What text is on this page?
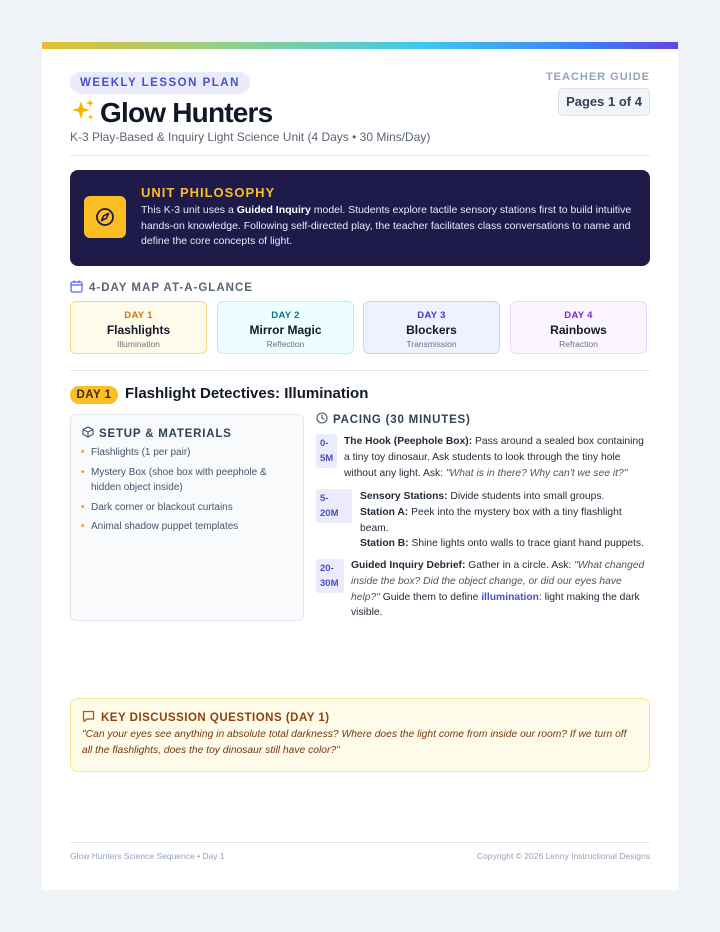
WEEKLY LESSON PLAN
Glow Hunters
K-3 Play-Based & Inquiry Light Science Unit (4 Days • 30 Mins/Day)
TEACHER GUIDE
Pages 1 of 4
UNIT PHILOSOPHY
This K-3 unit uses a Guided Inquiry model. Students explore tactile sensory stations first to build intuitive hands-on knowledge. Following self-directed play, the teacher facilitates class conversations to name and define the core concepts of light.
4-DAY MAP AT-A-GLANCE
DAY 1
Flashlights
Illumination
DAY 2
Mirror Magic
Reflection
DAY 3
Blockers
Transmission
DAY 4
Rainbows
Refraction
DAY 1 Flashlight Detectives: Illumination
SETUP & MATERIALS
• Flashlights (1 per pair)
• Mystery Box (shoe box with peephole & hidden object inside)
• Dark corner or blackout curtains
• Animal shadow puppet templates
PACING (30 MINUTES)
0-
5M
The Hook (Peephole Box): Pass around a sealed box containing a tiny toy dinosaur. Ask students to look through the tiny hole without any light. Ask: "What is in there? Why can't we see it?"
5-
20M
Sensory Stations: Divide students into small groups.
Station A: Peek into the mystery box with a tiny flashlight beam.
Station B: Shine lights onto walls to trace giant hand puppets.
20-
30M
Guided Inquiry Debrief: Gather in a circle. Ask: "What changed inside the box? Did the object change, or did our eyes have help?" Guide them to define illumination: light making the dark visible.
KEY DISCUSSION QUESTIONS (DAY 1)
"Can your eyes see anything in absolute total darkness? Where does the light come from inside our room? If we turn off all the flashlights, does the toy dinosaur still have color?"
Glow Hunters Science Sequence • Day 1	Copyright © 2026 Lenny Instructional Designs
